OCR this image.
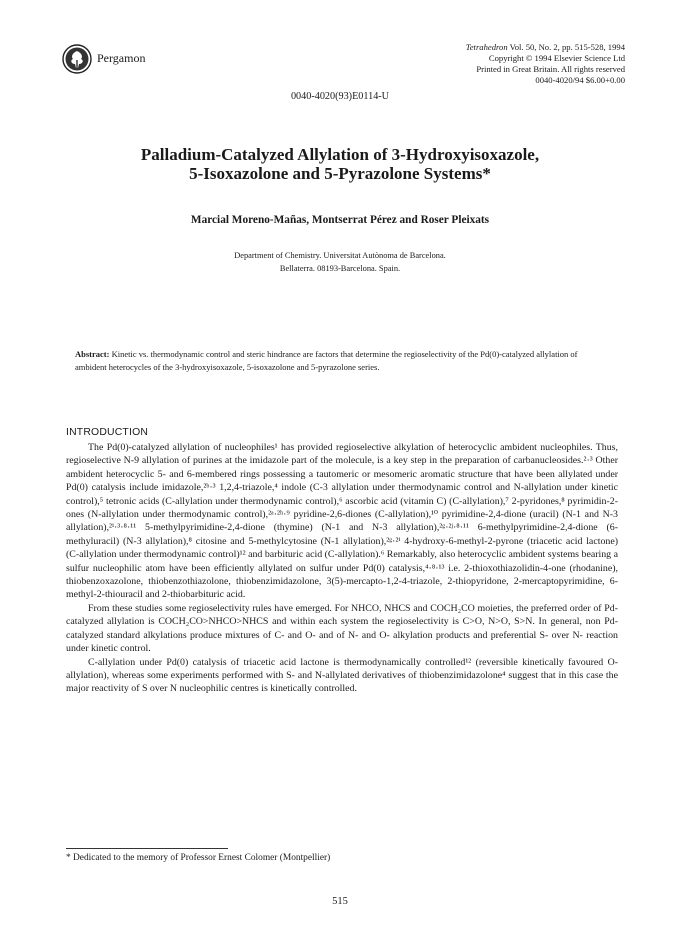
Pergamon
Tetrahedron Vol. 50, No. 2, pp. 515-528, 1994
Copyright © 1994 Elsevier Science Ltd
Printed in Great Britain. All rights reserved
0040-4020/94 $6.00+0.00
0040-4020(93)E0114-U
Palladium-Catalyzed Allylation of 3-Hydroxyisoxazole,
5-Isoxazolone and 5-Pyrazolone Systems*
Marcial Moreno-Mañas, Montserrat Pérez and Roser Pleixats
Department of Chemistry. Universitat Autònoma de Barcelona.
Bellaterra. 08193-Barcelona. Spain.
Abstract: Kinetic vs. thermodynamic control and steric hindrance are factors that determine the regioselectivity of the Pd(0)-catalyzed allylation of ambident heterocycles of the 3-hydroxyisoxazole, 5-isoxazolone and 5-pyrazolone series.
INTRODUCTION

The Pd(0)-catalyzed allylation of nucleophiles¹ has provided regioselective alkylation of heterocyclic ambident nucleophiles. Thus, regioselective N-9 allylation of purines at the imidazole part of the molecule, is a key step in the preparation of carbanucleosides.²·³ Other ambident heterocyclic 5- and 6-membered rings possessing a tautomeric or mesomeric aromatic structure that have been allylated under Pd(0) catalysis include imidazole,²ᵇ·³ 1,2,4-triazole,⁴ indole (C-3 allylation under thermodynamic control and N-allylation under kinetic control),⁵ tetronic acids (C-allylation under thermodynamic control),⁶ ascorbic acid (vitamin C) (C-allylation),⁷ 2-pyridones,⁸ pyrimidin-2-ones (N-allylation under thermodynamic control),²ᵃ·²ʰ·⁹ pyridine-2,6-diones (C-allylation),¹⁰ pyrimidine-2,4-dione (uracil) (N-1 and N-3 allylation),²ⁱ·³·⁸·¹¹ 5-methylpyrimidine-2,4-dione (thymine) (N-1 and N-3 allylation),²ᵍ·²ʲ·⁸·¹¹ 6-methylpyrimidine-2,4-dione (6-methyluracil) (N-3 allylation),⁸ citosine and 5-methylcytosine (N-1 allylation),²ᵍ·²ⁱ 4-hydroxy-6-methyl-2-pyrone (triacetic acid lactone) (C-allylation under thermodynamic control)¹² and barbituric acid (C-allylation).⁶ Remarkably, also heterocyclic ambident systems bearing a sulfur nucleophilic atom have been efficiently allylated on sulfur under Pd(0) catalysis,⁴·⁸·¹³ i.e. 2-thioxothiazolidin-4-one (rhodanine), thiobenzoxazolone, thiobenzothiazolone, thiobenzimidazolone, 3(5)-mercapto-1,2-4-triazole, 2-thiopyridone, 2-mercaptopyrimidine, 6-methyl-2-thiouracil and 2-thiobarbituric acid.

From these studies some regioselectivity rules have emerged. For NHCO, NHCS and COCH₂CO moieties, the preferred order of Pd-catalyzed allylation is COCH₂CO>NHCO>NHCS and within each system the regioselectivity is C>O, N>O, S>N. In general, non Pd-catalyzed standard alkylations produce mixtures of C- and O- and of N- and O- alkylation products and preferential S- over N- reaction under kinetic control.

C-allylation under Pd(0) catalysis of triacetic acid lactone is thermodynamically controlled¹² (reversible kinetically favoured O-allylation), whereas some experiments performed with S- and N-allylated derivatives of thiobenzimidazolone⁴ suggest that in this case the major reactivity of S over N nucleophilic centres is kinetically controlled.

* Dedicated to the memory of Professor Ernest Colomer (Montpellier)
515
